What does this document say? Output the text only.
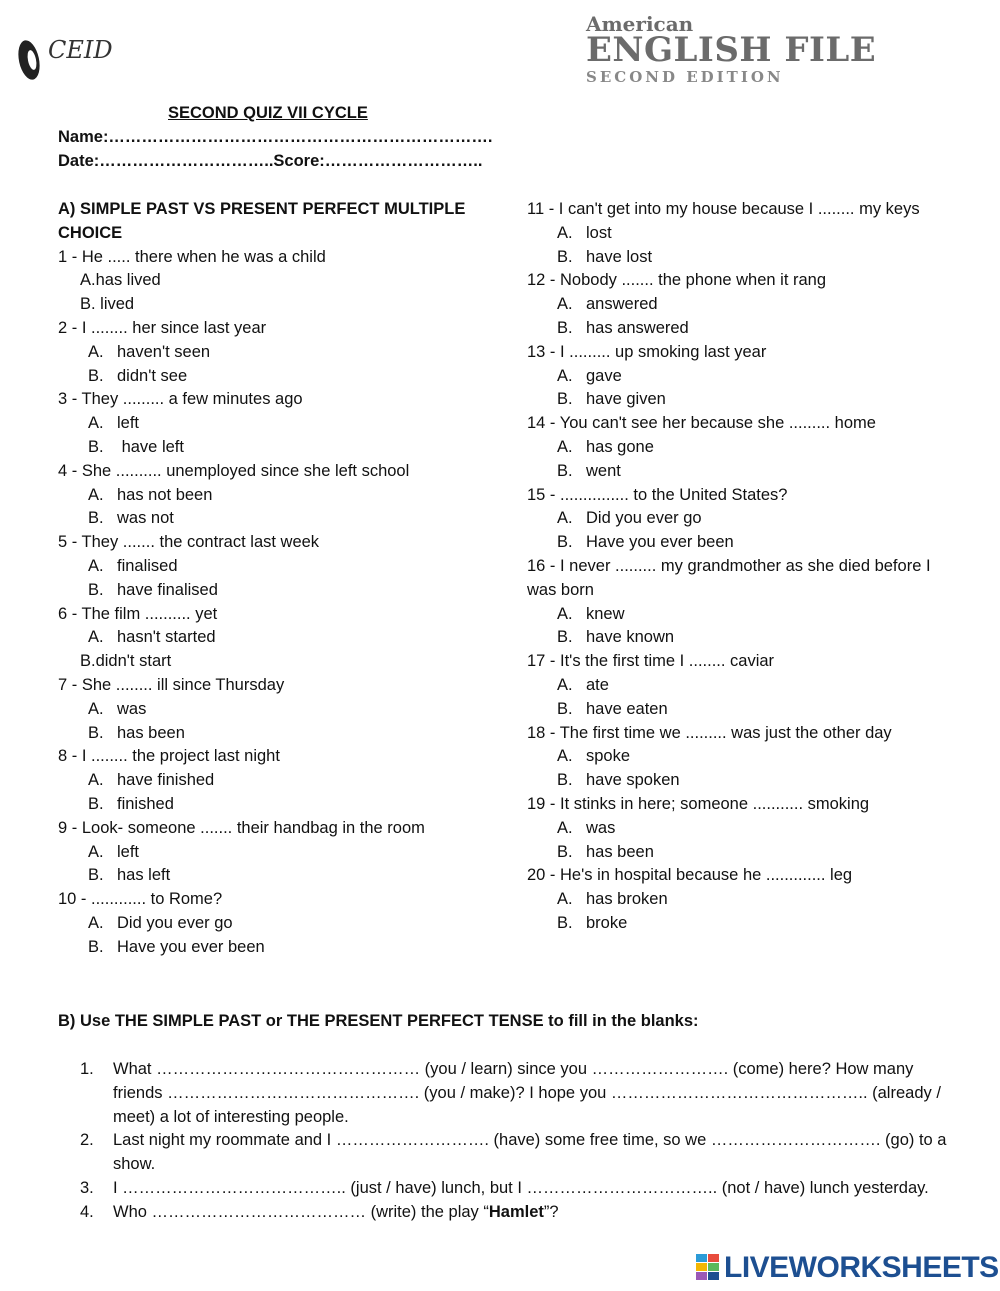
CEID
American
ENGLISH FILE
SECOND EDITION
SECOND QUIZ VII CYCLE
Name:…………………………………………………………….
Date:…………………………..Score:………………………..
A) SIMPLE PAST VS PRESENT PERFECT MULTIPLE CHOICE
1 - He ..... there when he was a child
A.has lived
B. lived
2 - I ........ her since last year
A. haven't seen
B. didn't see
3 - They ......... a few minutes ago
A. left
B. have left
4 - She .......... unemployed since she left school
A. has not been
B. was not
5 - They ....... the contract last week
A. finalised
B. have finalised
6 - The film .......... yet
A. hasn't started
B.didn't start
7 - She ........ ill since Thursday
A. was
B. has been
8 - I ........ the project last night
A. have finished
B. finished
9 - Look- someone ....... their handbag in the room
A. left
B. has left
10 - ............ to Rome?
A. Did you ever go
B. Have you ever been
11 - I can't get into my house because I ........ my keys
A. lost
B. have lost
12 - Nobody ....... the phone when it rang
A. answered
B. has answered
13 - I ......... up smoking last year
A. gave
B. have given
14 - You can't see her because she ......... home
A. has gone
B. went
15 - ............... to the United States?
A. Did you ever go
B. Have you ever been
16 - I never ......... my grandmother as she died before I was born
A. knew
B. have known
17 - It's the first time I ........ caviar
A. ate
B. have eaten
18 - The first time we ......... was just the other day
A. spoke
B. have spoken
19 - It stinks in here; someone ........... smoking
A. was
B. has been
20 - He's in hospital because he ............. leg
A. has broken
B. broke
B) Use THE SIMPLE PAST or THE PRESENT PERFECT TENSE to fill in the blanks:
1. What ………………………………………… (you / learn) since you ……………………. (come) here? How many friends ………………………………………. (you / make)? I hope you ……………………………………….. (already / meet) a lot of interesting people.
2. Last night my roommate and I ………………………. (have) some free time, so we …………………………. (go) to a show.
3. I ………………………………….. (just / have) lunch, but I …………………………….. (not / have) lunch yesterday.
4. Who ………………………………… (write) the play “Hamlet”?
LIVEWORKSHEETS
